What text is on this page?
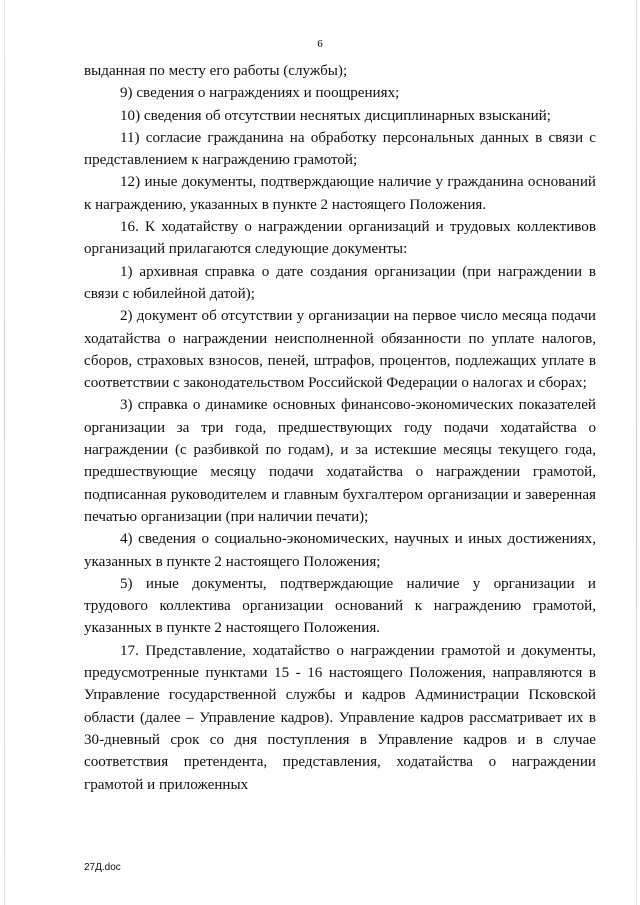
6

выданная по месту его работы (службы);

9) сведения о награждениях и поощрениях;

10) сведения об отсутствии неснятых дисциплинарных взысканий;

11) согласие гражданина на обработку персональных данных в связи с представлением к награждению грамотой;

12) иные документы, подтверждающие наличие у гражданина оснований к награждению, указанных в пункте 2 настоящего Положения.

16. К ходатайству о награждении организаций и трудовых коллективов организаций прилагаются следующие документы:

1) архивная справка о дате создания организации (при награждении в связи с юбилейной датой);

2) документ об отсутствии у организации на первое число месяца подачи ходатайства о награждении неисполненной обязанности по уплате налогов, сборов, страховых взносов, пеней, штрафов, процентов, подлежащих уплате в соответствии с законодательством Российской Федерации о налогах и сборах;

3) справка о динамике основных финансово-экономических показателей организации за три года, предшествующих году подачи ходатайства о награждении (с разбивкой по годам), и за истекшие месяцы текущего года, предшествующие месяцу подачи ходатайства о награждении грамотой, подписанная руководителем и главным бухгалтером организации и заверенная печатью организации (при наличии печати);

4) сведения о социально-экономических, научных и иных достижениях, указанных в пункте 2 настоящего Положения;

5) иные документы, подтверждающие наличие у организации и трудового коллектива организации оснований к награждению грамотой, указанных в пункте 2 настоящего Положения.

17. Представление, ходатайство о награждении грамотой и документы, предусмотренные пунктами 15 - 16 настоящего Положения, направляются в Управление государственной службы и кадров Администрации Псковской области (далее – Управление кадров). Управление кадров рассматривает их в 30-дневный срок со дня поступления в Управление кадров и в случае соответствия претендента, представления, ходатайства о награждении грамотой и приложенных

27Д.doc
